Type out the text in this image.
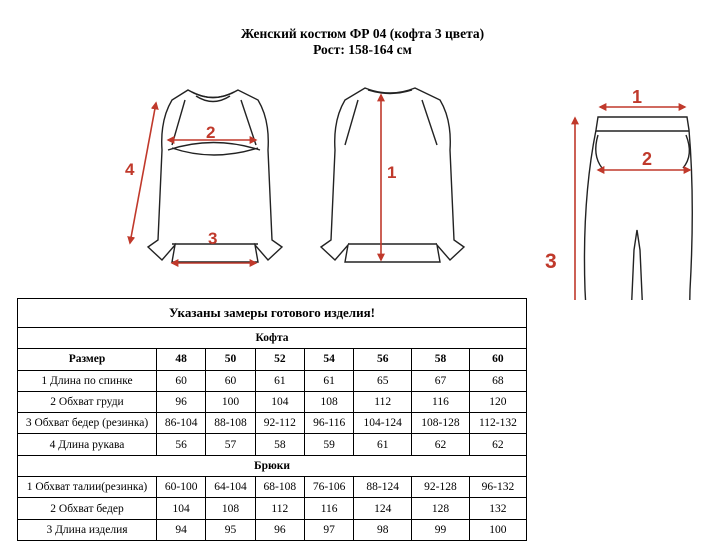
Женский костюм ФР 04 (кофта 3 цвета)
Рост: 158-164 см
2
4
3
1
1
2
3
Указаны замеры готового изделия!							
Кофта							
Размер	48	50	52	54	56	58	60
1 Длина по спинке	60	60	61	61	65	67	68
2 Обхват груди	96	100	104	108	112	116	120
3 Обхват бедер (резинка)	86-104	88-108	92-112	96-116	104-124	108-128	112-132
4 Длина рукава	56	57	58	59	61	62	62
Брюки							
1 Обхват талии(резинка)	60-100	64-104	68-108	76-106	88-124	92-128	96-132
2 Обхват бедер	104	108	112	116	124	128	132
3 Длина изделия	94	95	96	97	98	99	100
